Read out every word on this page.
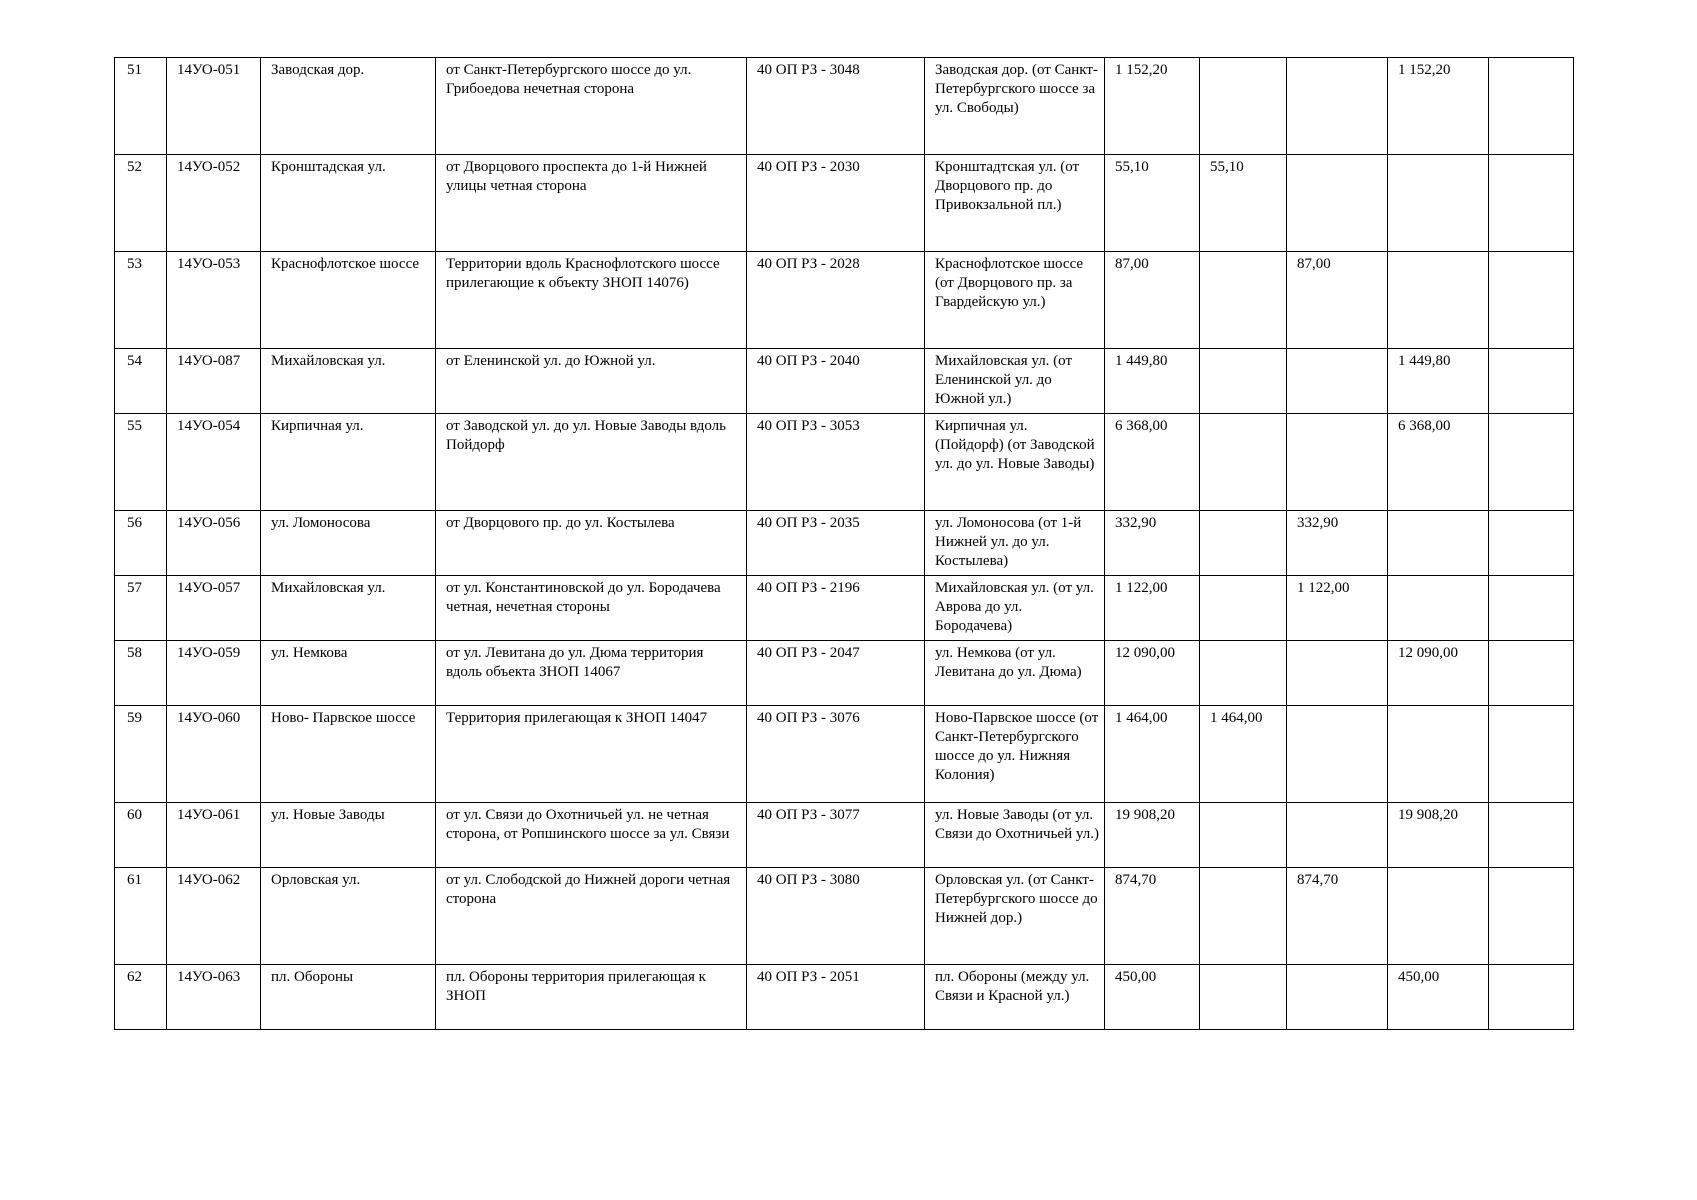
51	14УО-051	Заводская дор.	от Санкт-Петербургского шоссе до ул. Грибоедова нечетная сторона	40 ОП РЗ - 3048	Заводская дор. (от Санкт-Петербургского шоссе за ул. Свободы)	1 152,20			1 152,20	
52	14УО-052	Кронштадская ул.	от Дворцового проспекта до 1-й Нижней улицы четная сторона	40 ОП РЗ - 2030	Кронштадтская ул. (от Дворцового пр. до Привокзальной пл.)	55,10	55,10			
53	14УО-053	Краснофлотское шоссе	Территории вдоль Краснофлотского шоссе прилегающие к объекту ЗНОП 14076)	40 ОП РЗ - 2028	Краснофлотское шоссе (от Дворцового пр. за Гвардейскую ул.)	87,00		87,00		
54	14УО-087	Михайловская ул.	от Еленинской ул. до Южной ул.	40 ОП РЗ - 2040	Михайловская ул. (от Еленинской ул. до Южной ул.)	1 449,80			1 449,80	
55	14УО-054	Кирпичная ул.	от Заводской ул. до ул. Новые Заводы вдоль Пойдорф	40 ОП РЗ - 3053	Кирпичная ул. (Пойдорф) (от Заводской ул. до ул. Новые Заводы)	6 368,00			6 368,00	
56	14УО-056	ул. Ломоносова	от Дворцового пр. до ул. Костылева	40 ОП РЗ - 2035	ул. Ломоносова (от 1-й Нижней ул. до ул. Костылева)	332,90		332,90		
57	14УО-057	Михайловская ул.	от ул. Константиновской до ул. Бородачева четная, нечетная стороны	40 ОП РЗ - 2196	Михайловская ул. (от ул. Аврова до ул. Бородачева)	1 122,00		1 122,00		
58	14УО-059	ул. Немкова	от ул. Левитана до ул. Дюма территория вдоль объекта ЗНОП 14067	40 ОП РЗ - 2047	ул. Немкова (от ул. Левитана до ул. Дюма)	12 090,00			12 090,00	
59	14УО-060	Ново- Парвское шоссе	Территория прилегающая к ЗНОП 14047	40 ОП РЗ - 3076	Ново-Парвское шоссе (от Санкт-Петербургского шоссе до ул. Нижняя Колония)	1 464,00	1 464,00			
60	14УО-061	ул. Новые Заводы	от ул. Связи до Охотничьей ул. не четная сторона, от Ропшинского шоссе за ул. Связи	40 ОП РЗ - 3077	ул. Новые Заводы (от ул. Связи до Охотничьей ул.)	19 908,20			19 908,20	
61	14УО-062	Орловская ул.	от ул. Слободской до Нижней дороги четная сторона	40 ОП РЗ - 3080	Орловская ул. (от Санкт-Петербургского шоссе до Нижней дор.)	874,70		874,70		
62	14УО-063	пл. Обороны	пл. Обороны территория прилегающая к ЗНОП	40 ОП РЗ - 2051	пл. Обороны (между ул. Связи и Красной ул.)	450,00			450,00	
